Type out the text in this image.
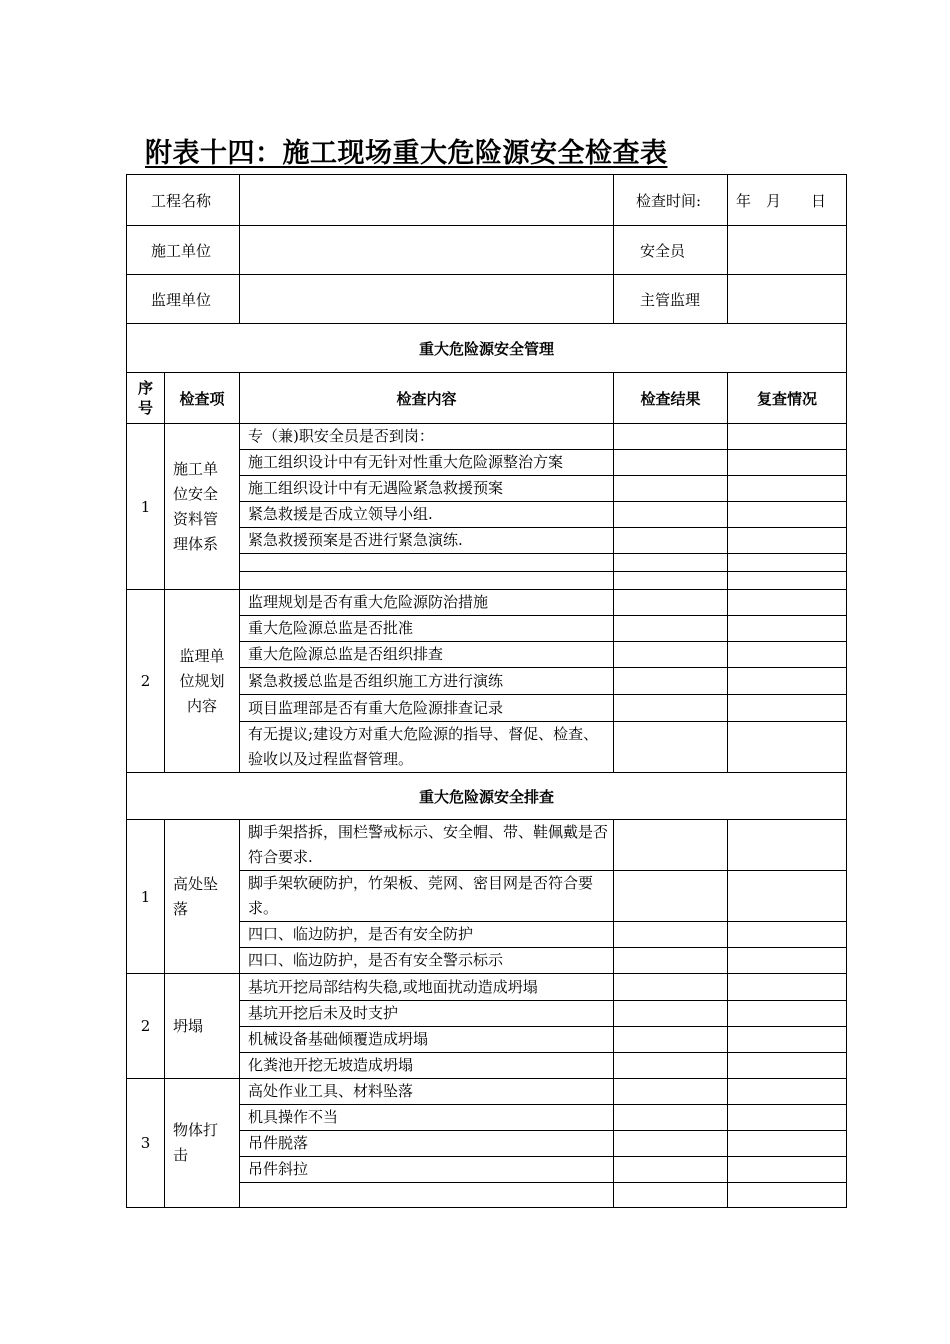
附表十四：施工现场重大危险源安全检查表
工程名称			检查时间:	年　月　　日
施工单位			安全员	
监理单位			主管监理	
重大危险源安全管理				
序号	检查项	检查内容	检查结果	复查情况
1	施工单位安全资料管理体系	专（兼)职安全员是否到岗：		
		施工组织设计中有无针对性重大危险源整治方案		
		施工组织设计中有无遇险紧急救援预案		
		紧急救援是否成立领导小组.		
		紧急救援预案是否进行紧急演练.		

2	监理单位规划内容	监理规划是否有重大危险源防治措施		
		重大危险源总监是否批准		
		重大危险源总监是否组织排查		
		紧急救援总监是否组织施工方进行演练		
		项目监理部是否有重大危险源排查记录		
		有无提议;建设方对重大危险源的指导、督促、检查、验收以及过程监督管理。		
重大危险源安全排查				
1	高处坠落	脚手架搭拆，围栏警戒标示、安全帽、带、鞋佩戴是否符合要求.		
		脚手架软硬防护，竹架板、莞网、密目网是否符合要求。		
		四口、临边防护，是否有安全防护		
		四口、临边防护，是否有安全警示标示		
2	坍塌	基坑开挖局部结构失稳,或地面扰动造成坍塌		
		基坑开挖后未及时支护		
		机械设备基础倾覆造成坍塌		
		化粪池开挖无坡造成坍塌		
3	物体打击	高处作业工具、材料坠落		
		机具操作不当		
		吊件脱落		
		吊件斜拉		
